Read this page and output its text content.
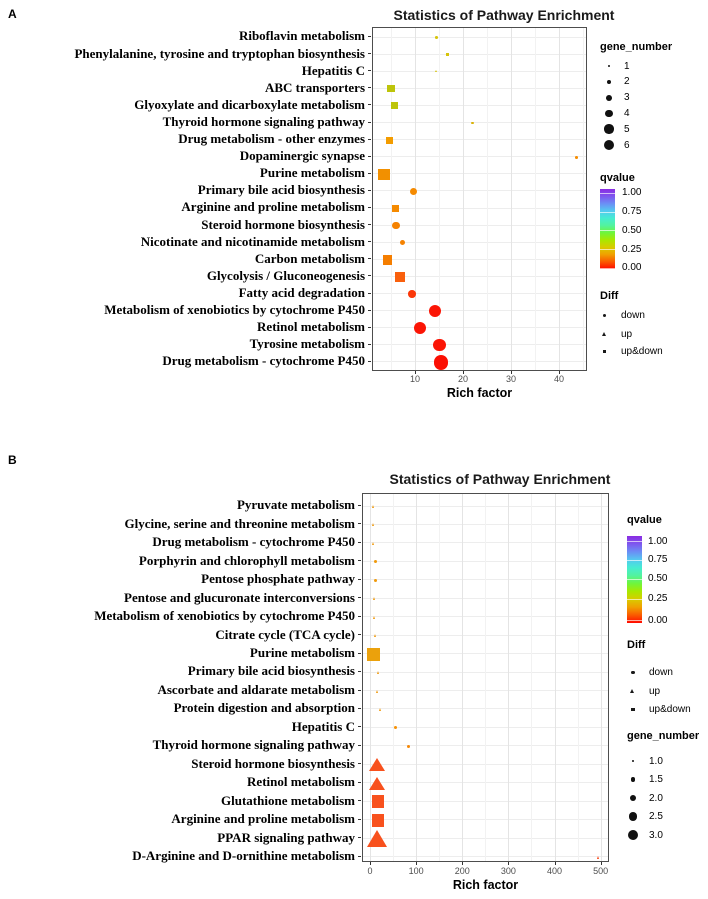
A	Statistics of Pathway Enrichment
Riboflavin metabolism
Phenylalanine, tyrosine and tryptophan biosynthesis
Hepatitis C
ABC transporters
Glyoxylate and dicarboxylate metabolism
Thyroid hormone signaling pathway
Drug metabolism - other enzymes
Dopaminergic synapse
Purine metabolism
Primary bile acid biosynthesis
Arginine and proline metabolism
Steroid hormone biosynthesis
Nicotinate and nicotinamide metabolism
Carbon metabolism
Glycolysis / Gluconeogenesis
Fatty acid degradation
Metabolism of xenobiotics by cytochrome P450
Retinol metabolism
Tyrosine metabolism
Drug metabolism - cytochrome P450
10	20	30	40
Rich factor
gene_number
1
2
3
4
5
6
qvalue
1.00
0.75
0.50
0.25
0.00
Diff
down
up
up&down
B
Statistics of Pathway Enrichment
Pyruvate metabolism
Glycine, serine and threonine metabolism
Drug metabolism - cytochrome P450
Porphyrin and chlorophyll metabolism
Pentose phosphate pathway
Pentose and glucuronate interconversions
Metabolism of xenobiotics by cytochrome P450
Citrate cycle (TCA cycle)
Purine metabolism
Primary bile acid biosynthesis
Ascorbate and aldarate metabolism
Protein digestion and absorption
Hepatitis C
Thyroid hormone signaling pathway
Steroid hormone biosynthesis
Retinol metabolism
Glutathione metabolism
Arginine and proline metabolism
PPAR signaling pathway
D-Arginine and D-ornithine metabolism
0	100	200	300	400	500
Rich factor
qvalue
1.00
0.75
0.50
0.25
0.00
Diff
down
up
up&down
gene_number
1.0
1.5
2.0
2.5
3.0
